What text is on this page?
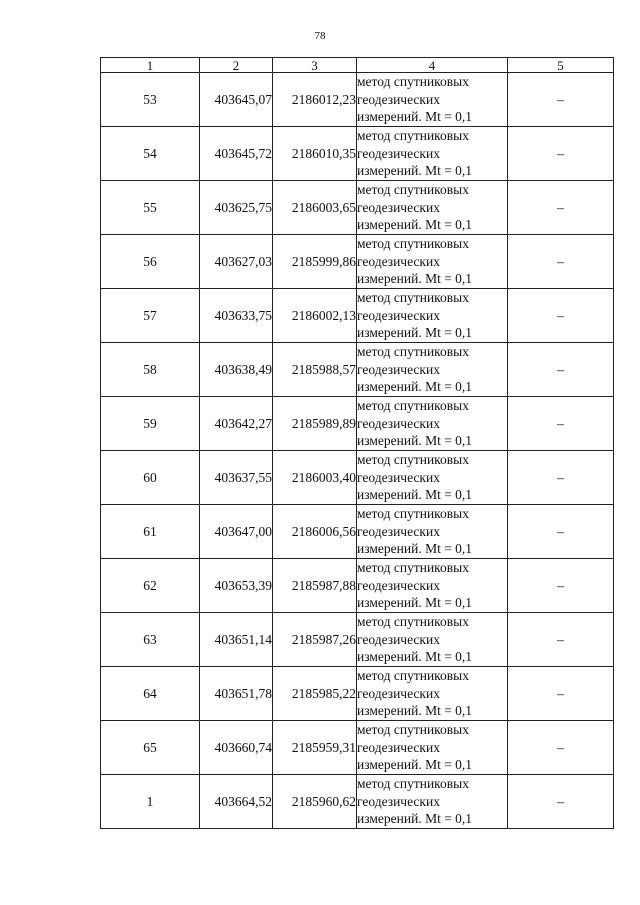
78
1	2	3	4	5
53	403645,07	2186012,23	метод спутниковых
геодезических
измерений. Mt = 0,1	–
54	403645,72	2186010,35	метод спутниковых
геодезических
измерений. Mt = 0,1	–
55	403625,75	2186003,65	метод спутниковых
геодезических
измерений. Mt = 0,1	–
56	403627,03	2185999,86	метод спутниковых
геодезических
измерений. Mt = 0,1	–
57	403633,75	2186002,13	метод спутниковых
геодезических
измерений. Mt = 0,1	–
58	403638,49	2185988,57	метод спутниковых
геодезических
измерений. Mt = 0,1	–
59	403642,27	2185989,89	метод спутниковых
геодезических
измерений. Mt = 0,1	–
60	403637,55	2186003,40	метод спутниковых
геодезических
измерений. Mt = 0,1	–
61	403647,00	2186006,56	метод спутниковых
геодезических
измерений. Mt = 0,1	–
62	403653,39	2185987,88	метод спутниковых
геодезических
измерений. Mt = 0,1	–
63	403651,14	2185987,26	метод спутниковых
геодезических
измерений. Mt = 0,1	–
64	403651,78	2185985,22	метод спутниковых
геодезических
измерений. Mt = 0,1	–
65	403660,74	2185959,31	метод спутниковых
геодезических
измерений. Mt = 0,1	–
1	403664,52	2185960,62	метод спутниковых
геодезических
измерений. Mt = 0,1	–
